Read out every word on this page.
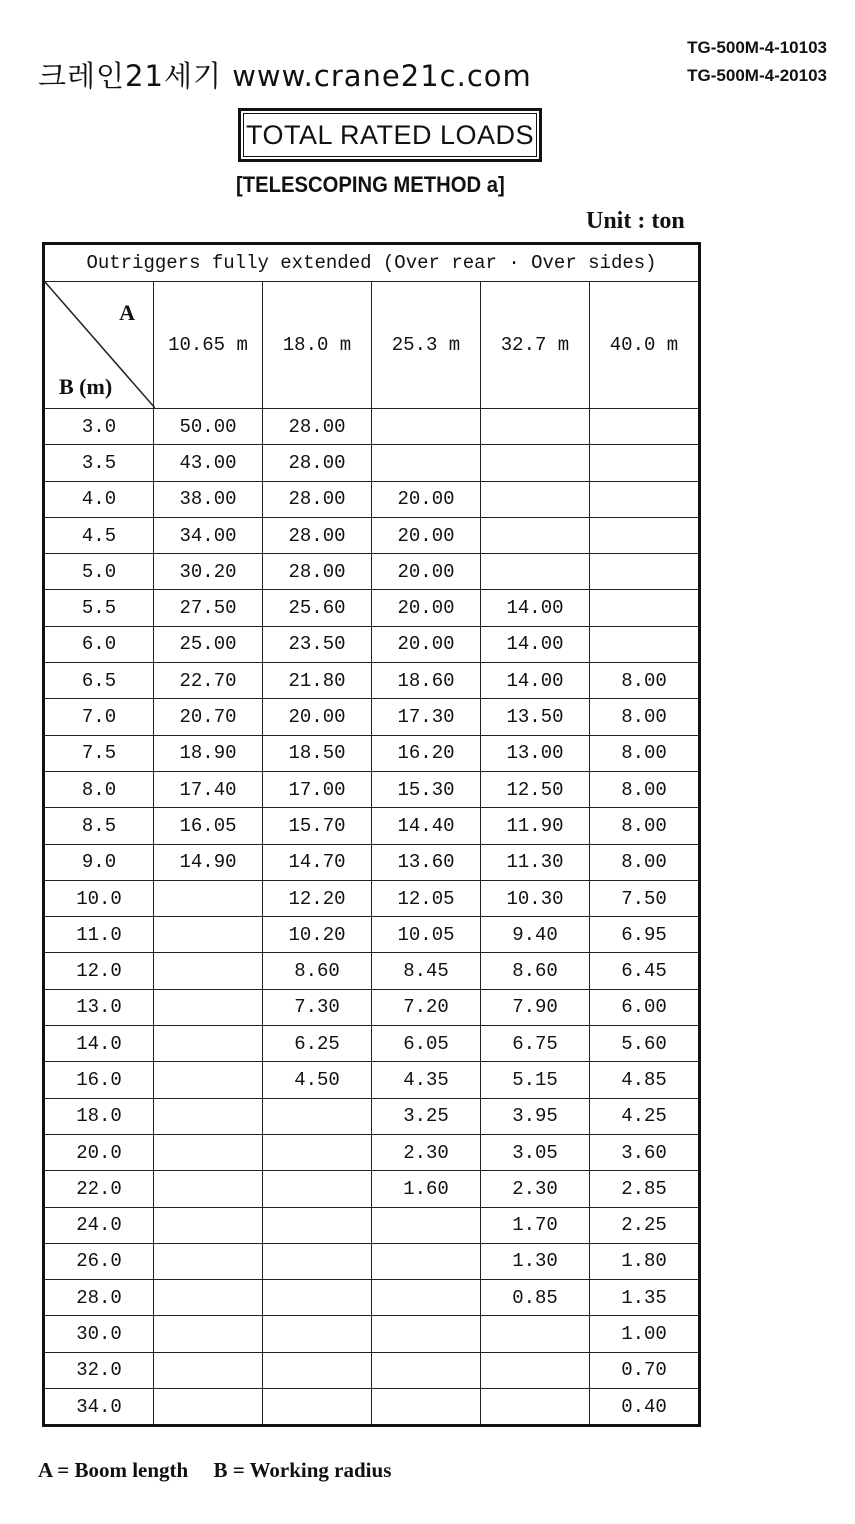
크레인21세기 www.crane21c.com
TG-500M-4-10103
TG-500M-4-20103
TOTAL RATED LOADS
[TELESCOPING METHOD a]
Unit : ton
Outriggers fully extended (Over rear · Over sides)					

A
B (m)	10.65 m	18.0 m	25.3 m	32.7 m	40.0 m
3.0	50.00	28.00			
3.5	43.00	28.00			
4.0	38.00	28.00	20.00		
4.5	34.00	28.00	20.00		
5.0	30.20	28.00	20.00		
5.5	27.50	25.60	20.00	14.00	
6.0	25.00	23.50	20.00	14.00	
6.5	22.70	21.80	18.60	14.00	8.00
7.0	20.70	20.00	17.30	13.50	8.00
7.5	18.90	18.50	16.20	13.00	8.00
8.0	17.40	17.00	15.30	12.50	8.00
8.5	16.05	15.70	14.40	11.90	8.00
9.0	14.90	14.70	13.60	11.30	8.00
10.0		12.20	12.05	10.30	7.50
11.0		10.20	10.05	9.40	6.95
12.0		8.60	8.45	8.60	6.45
13.0		7.30	7.20	7.90	6.00
14.0		6.25	6.05	6.75	5.60
16.0		4.50	4.35	5.15	4.85
18.0			3.25	3.95	4.25
20.0			2.30	3.05	3.60
22.0			1.60	2.30	2.85
24.0				1.70	2.25
26.0				1.30	1.80
28.0				0.85	1.35
30.0					1.00
32.0					0.70
34.0					0.40
A = Boom length B = Working radius
